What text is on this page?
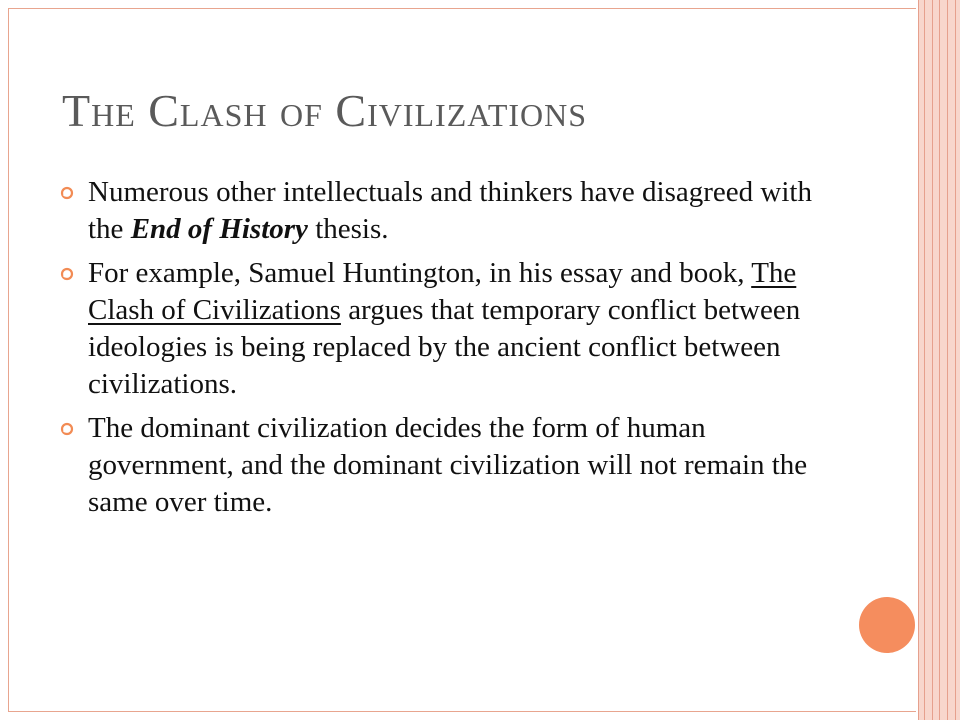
The Clash of Civilizations
Numerous other intellectuals and thinkers have disagreed with the End of History thesis.
For example, Samuel Huntington, in his essay and book, The Clash of Civilizations argues that temporary conflict between ideologies is being replaced by the ancient conflict between civilizations.
The dominant civilization decides the form of human government, and the dominant civilization will not remain the same over time.
